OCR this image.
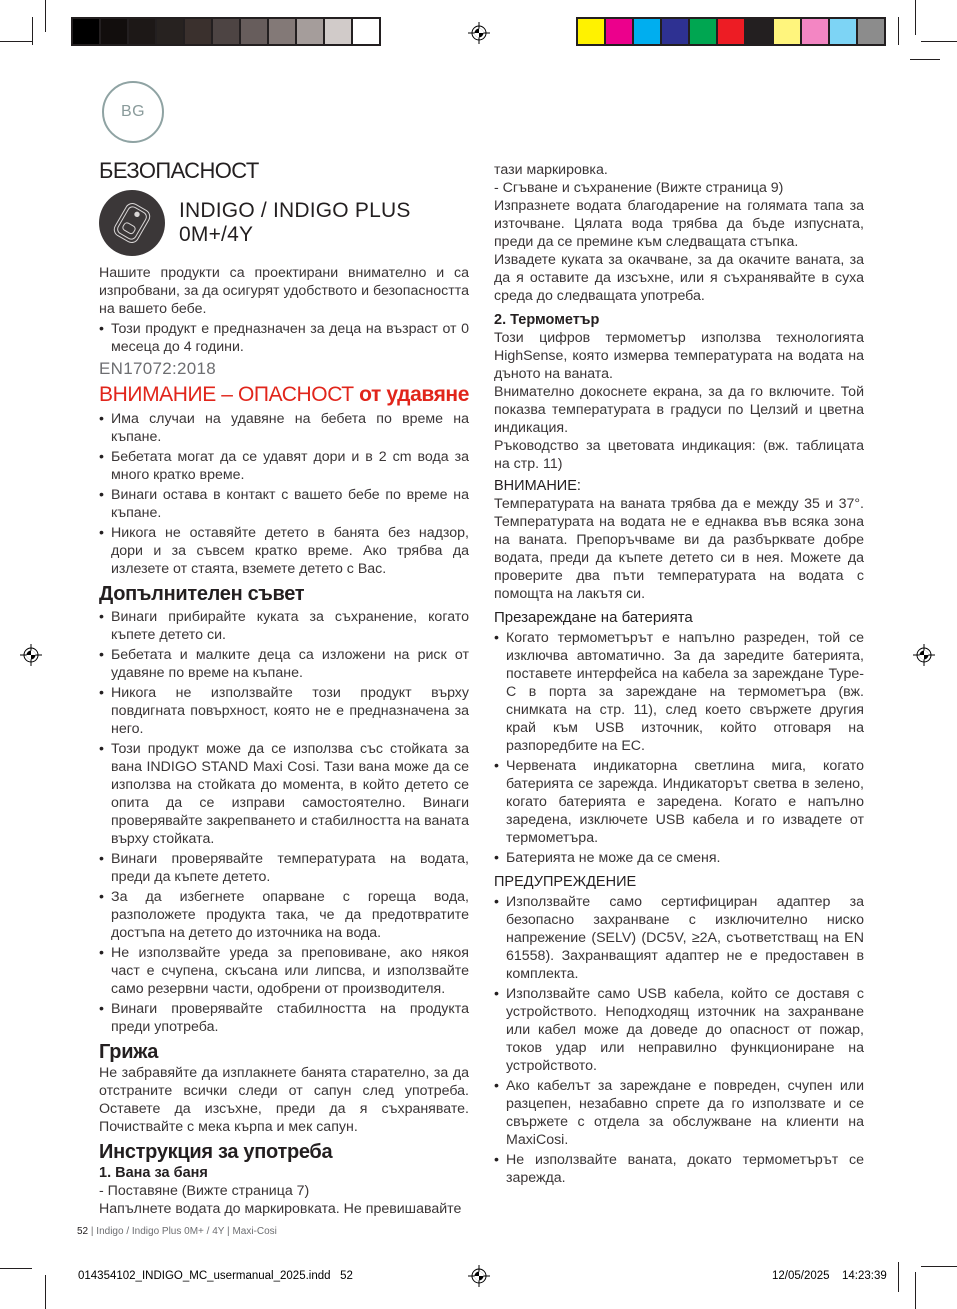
BG
БЕЗОПАСНОСТ
INDIGO / INDIGO PLUS
0M+/4Y

Нашите продукти са проектирани внимателно и са изпробвани, за да осигурят удобството и безопасността на вашето бебе.

• Този продукт е предназначен за деца на възраст от 0 месеца до 4 години.
EN17072:2018
ВНИМАНИЕ – ОПАСНОСТ от удавяне
• Има случаи на удавяне на бебета по време на къпане.
• Бебетата могат да се удавят дори и в 2 cm вода за много кратко време.
• Винаги остава в контакт с вашето бебе по време на къпане.
• Никога не оставяйте детето в банята без надзор, дори и за съвсем кратко време. Ако трябва да излезете от стаята, вземете детето с Вас.
Допълнителен съвет
• Винаги прибирайте куката за съхранение, когато къпете детето си.
• Бебетата и малките деца са изложени на риск от удавяне по време на къпане.
• Никога не използвайте този продукт върху повдигната повърхност, която не е предназначена за него.
• Този продукт може да се използва със стойката за вана INDIGO STAND Maxi Cosi. Тази вана може да се използва на стойката до момента, в който детето се опита да се изправи самостоятелно. Винаги проверявайте закрепването и стабилността на ваната върху стойката.
• Винаги проверявайте температурата на водата, преди да къпете детето.
• За да избегнете опарване с гореща вода, разположете продукта така, че да предотвратите достъпа на детето до източника на вода.
• Не използвайте уреда за преповиване, ако някоя част е счупена, скъсана или липсва, и използвайте само резервни части, одобрени от производителя.
• Винаги проверявайте стабилността на продукта преди употреба.
Грижа

Не забравяйте да изплакнете банята старателно, за да отстраните всички следи от сапун след употреба. Оставете да изсъхне, преди да я съхранявате. Почиствайте с мека кърпа и мек сапун.

Инструкция за употреба
1. Вана за баня

- Поставяне (Вижте страница 7)

Напълнете водата до маркировката. Не превишавайте

тази маркировка.

- Сгъване и съхранение (Вижте страница 9)

Изпразнете водата благодарение на голямата тапа за източване. Цялата вода трябва да бъде изпусната, преди да се премине към следващата стъпка.

Извадете куката за окачване, за да окачите ваната, за да я оставите да изсъхне, или я съхранявайте в суха среда до следващата употреба.

2. Термометър

Този цифров термометър използва технологията HighSense, която измерва температурата на водата на дъното на ваната.

Внимателно докоснете екрана, за да го включите. Той показва температурата в градуси по Целзий и цветна индикация.

Ръководство за цветовата индикация: (вж. таблицата на стр. 11)

ВНИМАНИЕ:

Температурата на ваната трябва да е между 35 и 37°. Температурата на водата не е еднаква във всяка зона на ваната. Препоръчваме ви да разбърквате добре водата, преди да къпете детето си в нея. Можете да проверите два пъти температурата на водата с помощта на лакътя си.

Презареждане на батерията
• Когато термометърът е напълно разреден, той се изключва автоматично. За да заредите батерията, поставете интерфейса на кабела за зареждане Type-C в порта за зареждане на термометъра (вж. снимката на стр. 11), след което свържете другия край към USB източник, който отговаря на разпоредбите на ЕС.
• Червената индикаторна светлина мига, когато батерията се зарежда. Индикаторът светва в зелено, когато батерията е заредена. Когато е напълно заредена, изключете USB кабела и го извадете от термометъра.
• Батерията не може да се сменя.
ПРЕДУПРЕЖДЕНИЕ
• Използвайте само сертифициран адаптер за безопасно захранване с изключително ниско напрежение (SELV) (DC5V, ≥2A, съответстващ на EN 61558). Захранващият адаптер не е предоставен в комплекта.
• Използвайте само USB кабела, който се доставя с устройството. Неподходящ източник на захранване или кабел може да доведе до опасност от пожар, токов удар или неправилно функциониране на устройството.
• Ако кабелът за зареждане е повреден, счупен или разцепен, незабавно спрете да го използвате и се свържете с отдела за обслужване на клиенти на MaxiCosi.
• Не използвайте ваната, докато термометърът се зарежда.
52 | Indigo / Indigo Plus 0M+ / 4Y | Maxi-Cosi
014354102_INDIGO_MC_usermanual_2025.indd   52	12/05/2025 14:23:39
